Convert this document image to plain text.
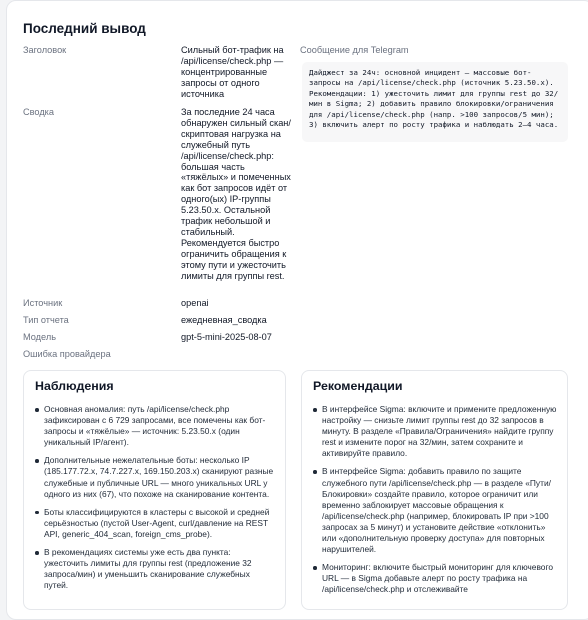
Последний вывод
Заголовок	Сильный бот-трафик на /api/license/check.php — концентрированные запросы от одного источника
Сводка	За последние 24 часа обнаружен сильный скан/скриптовая нагрузка на служебный путь /api/license/check.php: большая часть «тяжёлых» и помеченных как бот запросов идёт от одного(ых) IP-группы 5.23.50.x. Остальной трафик небольшой и стабильный. Рекомендуется быстро ограничить обращения к этому пути и ужесточить лимиты для группы rest.
Источник	openai
Тип отчета	ежедневная_сводка
Модель	gpt-5-mini-2025-08-07
Ошибка провайдера
Сообщение для Telegram
Дайджест за 24ч: основной инцидент — массовые бот-запросы на /api/license/check.php (источник 5.23.50.x). Рекомендации: 1) ужесточить лимит для группы rest до 32/мин в Sigma; 2) добавить правило блокировки/ограничения для /api/license/check.php (напр. >100 запросов/5 мин); 3) включить алерт по росту трафика и наблюдать 2–4 часа.
Наблюдения
Основная аномалия: путь /api/license/check.php зафиксирован с 6 729 запросами, все помечены как бот-запросы и «тяжёлые» — источник: 5.23.50.x (один уникальный IP/агент).
Дополнительные нежелательные боты: несколько IP (185.177.72.x, 74.7.227.x, 169.150.203.x) сканируют разные служебные и публичные URL — много уникальных URL у одного из них (67), что похоже на сканирование контента.
Боты классифицируются в кластеры с высокой и средней серьёзностью (пустой User-Agent, curl/давление на REST API, generic_404_scan, foreign_cms_probe).
В рекомендациях системы уже есть два пункта: ужесточить лимиты для группы rest (предложение 32 запроса/мин) и уменьшить сканирование служебных путей.
Рекомендации
В интерфейсе Sigma: включите и примените предложенную настройку — снизьте лимит группы rest до 32 запросов в минуту. В разделе «Правила/Ограничения» найдите группу rest и измените порог на 32/мин, затем сохраните и активируйте правило.
В интерфейсе Sigma: добавить правило по защите служебного пути /api/license/check.php — в разделе «Пути/Блокировки» создайте правило, которое ограничит или временно заблокирует массовые обращения к /api/license/check.php (например, блокировать IP при >100 запросах за 5 минут) и установите действие «отклонить» или «дополнительную проверку доступа» для повторных нарушителей.
Мониторинг: включите быстрый мониторинг для ключевого URL — в Sigma добавьте алерт по росту трафика на /api/license/check.php и отслеживайте
